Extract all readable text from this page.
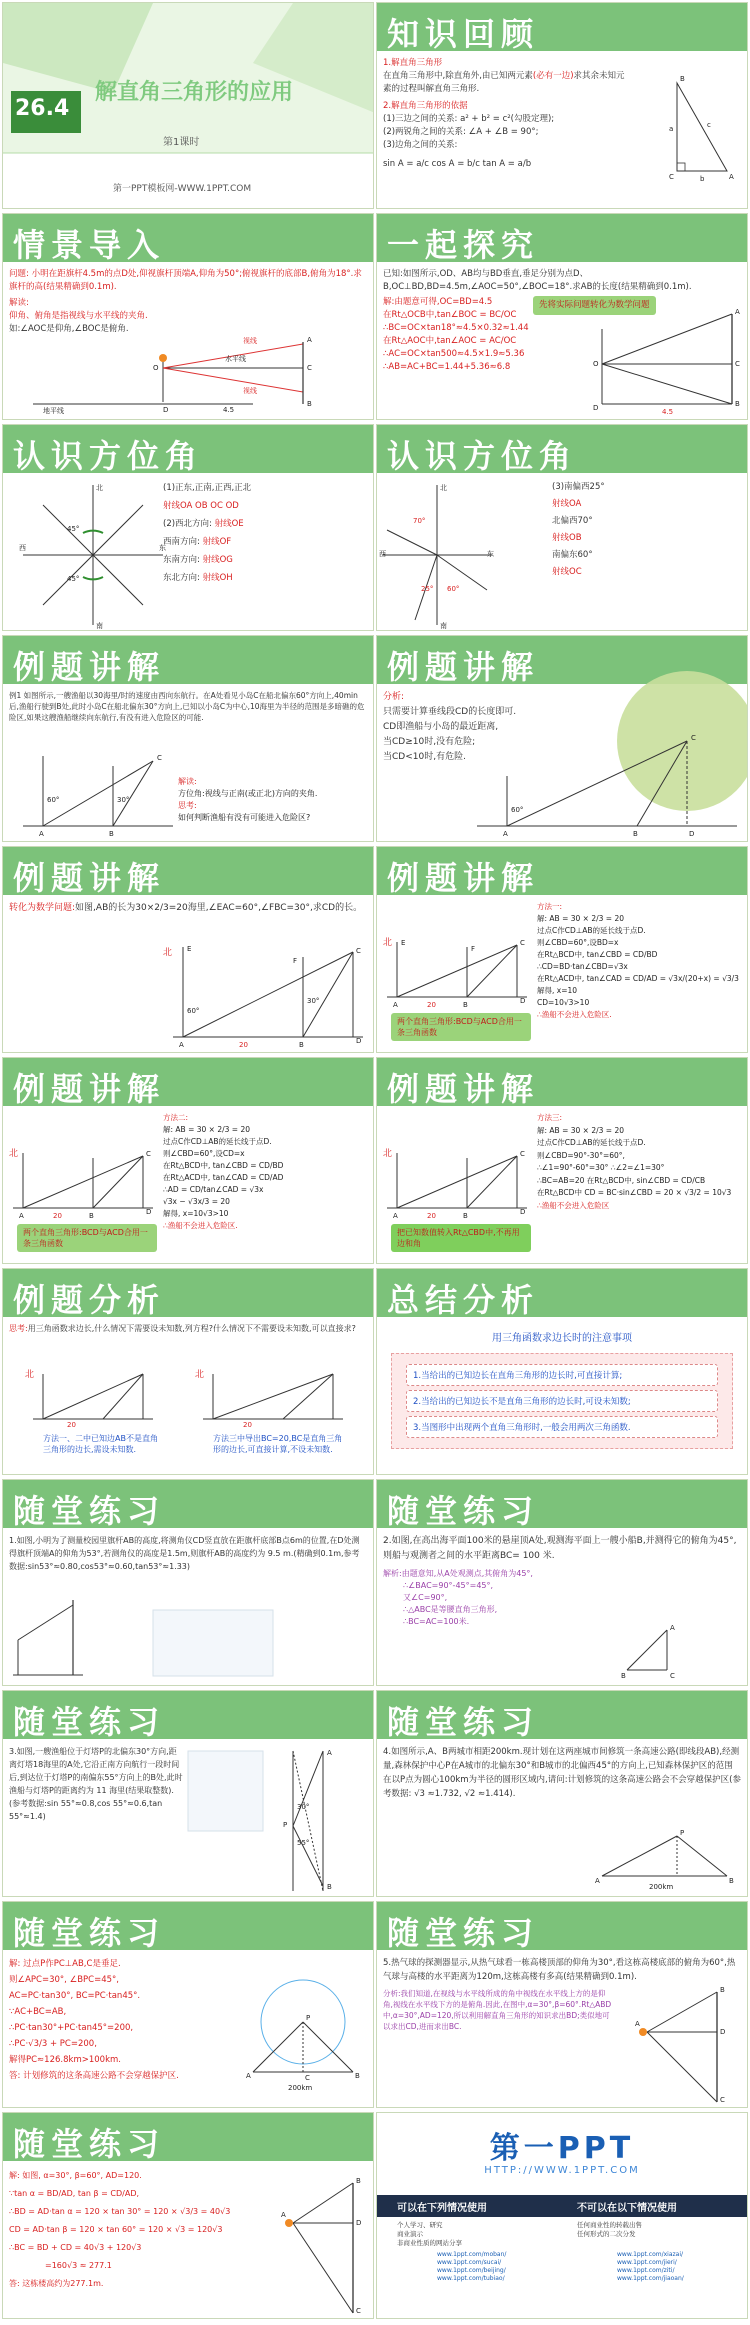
26.4
解直角三角形的应用
第1课时
第一PPT模板网-WWW.1PPT.COM
知识回顾
1.解直角三角形
在直角三角形中,除直角外,由已知两元素(必有一边)求其余未知元素的过程叫解直角三角形.
2.解直角三角形的依据
(1)三边之间的关系: a² + b² = c²(勾股定理);
(2)两锐角之间的关系: ∠A + ∠B = 90°;
(3)边角之间的关系:
sin A = a/c cos A = b/c tan A = a/b
B
C	A
a
b
c
情景导入
问题: 小明在距旗杆4.5m的点D处,仰视旗杆顶端A,仰角为50°;俯视旗杆的底部B,俯角为18°.求旗杆的高(结果精确到0.1m).
解读:
仰角、俯角是指视线与水平线的夹角.
如:∠AOC是仰角,∠BOC是俯角.
水平线
地平线
视线
视线
4.5
A
B
C
D
O
一起探究
已知:如图所示,OD、AB均与BD垂直,垂足分别为点D、B,OC⊥BD,BD=4.5m,∠AOC=50°,∠BOC=18°.求AB的长度(结果精确到0.1m).
先将实际问题转化为数学问题
解:由题意可得,OC=BD=4.5
在Rt△OCB中,tan∠BOC = BC/OC
∴BC=OC×tan18°≈4.5×0.32≈1.44
在Rt△AOC中,tan∠AOC = AC/OC
∴AC=OC×tan500≈4.5×1.9≈5.36
∴AB=AC+BC=1.44+5.36≈6.8
A
B
C
D
O
4.5
认识方位角
北
南
西	东
45°
45°
(1)正东,正南,正西,正北
射线OA OB OC OD
(2)西北方向: 射线OE
西南方向: 射线OF
东南方向: 射线OG
东北方向: 射线OH
认识方位角
北
南
西	东
70°
25° 60°
(3)南偏西25°
射线OA
北偏西70°
射线OB
南偏东60°
射线OC
例题讲解
例1 如图所示,一艘渔船以30海里/时的速度由西向东航行。在A处看见小岛C在船北偏东60°方向上,40min后,渔船行驶到B处,此时小岛C在船北偏东30°方向上,已知以小岛C为中心,10海里为半径的范围是多暗礁的危险区,如果这艘渔船继续向东航行,有没有进入危险区的可能.
A	B
C
60°	30°
解读:
方位角:视线与正南(或正北)方向的夹角.
思考:
如何判断渔船有没有可能进入危险区?
例题讲解
分析:
只需要计算垂线段CD的长度即可.
CD即渔船与小岛的最近距离,
当CD≥10时,没有危险;
当CD<10时,有危险.
A	B
C
D
60°
例题讲解
转化为数学问题:如图,AB的长为30×2/3=20海里,∠EAC=60°,∠FBC=30°,求CD的长。
北 E
F
A	B
C
D
60°
30°
20
例题讲解
北 E
F
A	B
C
D
20
两个直角三角形:BCD与ACD合用一条三角函数
方法一:
解: AB = 30 × 2/3 = 20
过点C作CD⊥AB的延长线于点D.
则∠CBD=60°,设BD=x
在Rt△BCD中, tan∠CBD = CD/BD
∴CD=BD·tan∠CBD=√3x
在Rt△ACD中, tan∠CAD = CD/AD = √3x/(20+x) = √3/3
解得, x=10
CD=10√3>10
∴渔船不会进入危险区.
例题讲解
北
A	B
C
D
20
两个直角三角形:BCD与ACD合用一条三角函数
方法二:
解: AB = 30 × 2/3 = 20
过点C作CD⊥AB的延长线于点D.
则∠CBD=60°,设CD=x
在Rt△BCD中, tan∠CBD = CD/BD
在Rt△ACD中, tan∠CAD = CD/AD
∴AD = CD/tan∠CAD = √3x
√3x − √3x/3 = 20
解得, x=10√3>10
∴渔船不会进入危险区.
例题讲解
北
A	B
C
D
20
把已知数值转入Rt△CBD中,不再用边和角
方法三:
解: AB = 30 × 2/3 = 20
过点C作CD⊥AB的延长线于点D.
则∠CBD=90°-30°=60°,
∴∠1=90°-60°=30° ∴∠2=∠1=30°
∴BC=AB=20 在Rt△BCD中, sin∠CBD = CD/CB
在Rt△BCD中 CD = BC·sin∠CBD = 20 × √3/2 = 10√3
∴渔船不会进入危险区
例题分析
思考:用三角函数求边长,什么情况下需要设未知数,列方程?什么情况下不需要设未知数,可以直接求?
北	北
20	20
方法一、二中已知边AB不是直角三角形的边长,需设未知数.
方法三中导出BC=20,BC是直角三角形的边长,可直接计算,不设未知数.
总结分析
用三角函数求边长时的注意事项
1.当给出的已知边长在直角三角形的边长时,可直接计算;
2.当给出的已知边长不是直角三角形的边长时,可设未知数;
3.当图形中出现两个直角三角形时,一般会用两次三角函数.
随堂练习
1.如图,小明为了测量校园里旗杆AB的高度,将测角仪CD竖直放在距旗杆底部B点6m的位置,在D处测得旗杆顶端A的仰角为53°,若测角仪的高度是1.5m,则旗杆AB的高度约为 9.5 m.(精确到0.1m,参考数据:sin53°≈0.80,cos53°≈0.60,tan53°≈1.33)
随堂练习
2.如图,在高出海平面100米的悬崖顶A处,观测海平面上一艘小船B,并测得它的俯角为45°,则船与观测者之间的水平距离BC= 100 米.
解析:由题意知,从A处观测点,其俯角为45°,
∴∠BAC=90°-45°=45°,
又∠C=90°,
∴△ABC是等腰直角三角形,
∴BC=AC=100米.
A
B	C
随堂练习
3.如图,一艘渔船位于灯塔P的北偏东30°方向,距离灯塔18海里的A处,它沿正南方向航行一段时间后,到达位于灯塔P的南偏东55°方向上的B处,此时渔船与灯塔P的距离约为 11 海里(结果取整数).(参考数据:sin 55°≈0.8,cos 55°≈0.6,tan 55°≈1.4)
A
B
P
30°
55°
随堂练习
4.如图所示,A、B两城市相距200km.现计划在这两座城市间修筑一条高速公路(即线段AB),经测量,森林保护中心P在A城市的北偏东30°和B城市的北偏西45°的方向上,已知森林保护区的范围在以P点为圆心100km为半径的圆形区域内,请问:计划修筑的这条高速公路会不会穿越保护区(参考数据: √3 ≈1.732, √2 ≈1.414).
A	B
P
200km
随堂练习
解: 过点P作PC⊥AB,C是垂足.
则∠APC=30°, ∠BPC=45°,
AC=PC·tan30°, BC=PC·tan45°.
∵AC+BC=AB,
∴PC·tan30°+PC·tan45°=200,
∴PC·√3/3 + PC=200,
解得PC≈126.8km>100km.
答: 计划修筑的这条高速公路不会穿越保护区.	A	B
P
C
200km
随堂练习
5.热气球的探测器显示,从热气球看一栋高楼顶部的仰角为30°,看这栋高楼底部的俯角为60°,热气球与高楼的水平距离为120m,这栋高楼有多高(结果精确到0.1m).
分析:我们知道,在视线与水平线所成的角中视线在水平线上方的是仰角,视线在水平线下方的是俯角.因此,在图中,α=30°,β=60°.Rt△ABD中,α=30°,AD=120,所以利用解直角三角形的知识求出BD;类似地可以求出CD,进而求出BC.	A
B
C
D
随堂练习
解: 如图, α=30°, β=60°, AD=120.
∵tan α = BD/AD, tan β = CD/AD,
∴BD = AD·tan α = 120 × tan 30° = 120 × √3/3 = 40√3
CD = AD·tan β = 120 × tan 60° = 120 × √3 = 120√3
∴BC = BD + CD = 40√3 + 120√3
=160√3 ≈ 277.1
答: 这栋楼高约为277.1m.
A
B
C
D
第一PPT
HTTP://WWW.1PPT.COM
可以在下列情况使用	不可以在以下情况使用
个人学习、研究
商业演示
非商业性质的网站分享
任何商业性的转载出售
任何形式的二次分发
www.1ppt.com/moban/
www.1ppt.com/sucai/
www.1ppt.com/beijing/
www.1ppt.com/tubiao/
www.1ppt.com/xiazai/
www.1ppt.com/jieri/
www.1ppt.com/ziti/
www.1ppt.com/jiaoan/
